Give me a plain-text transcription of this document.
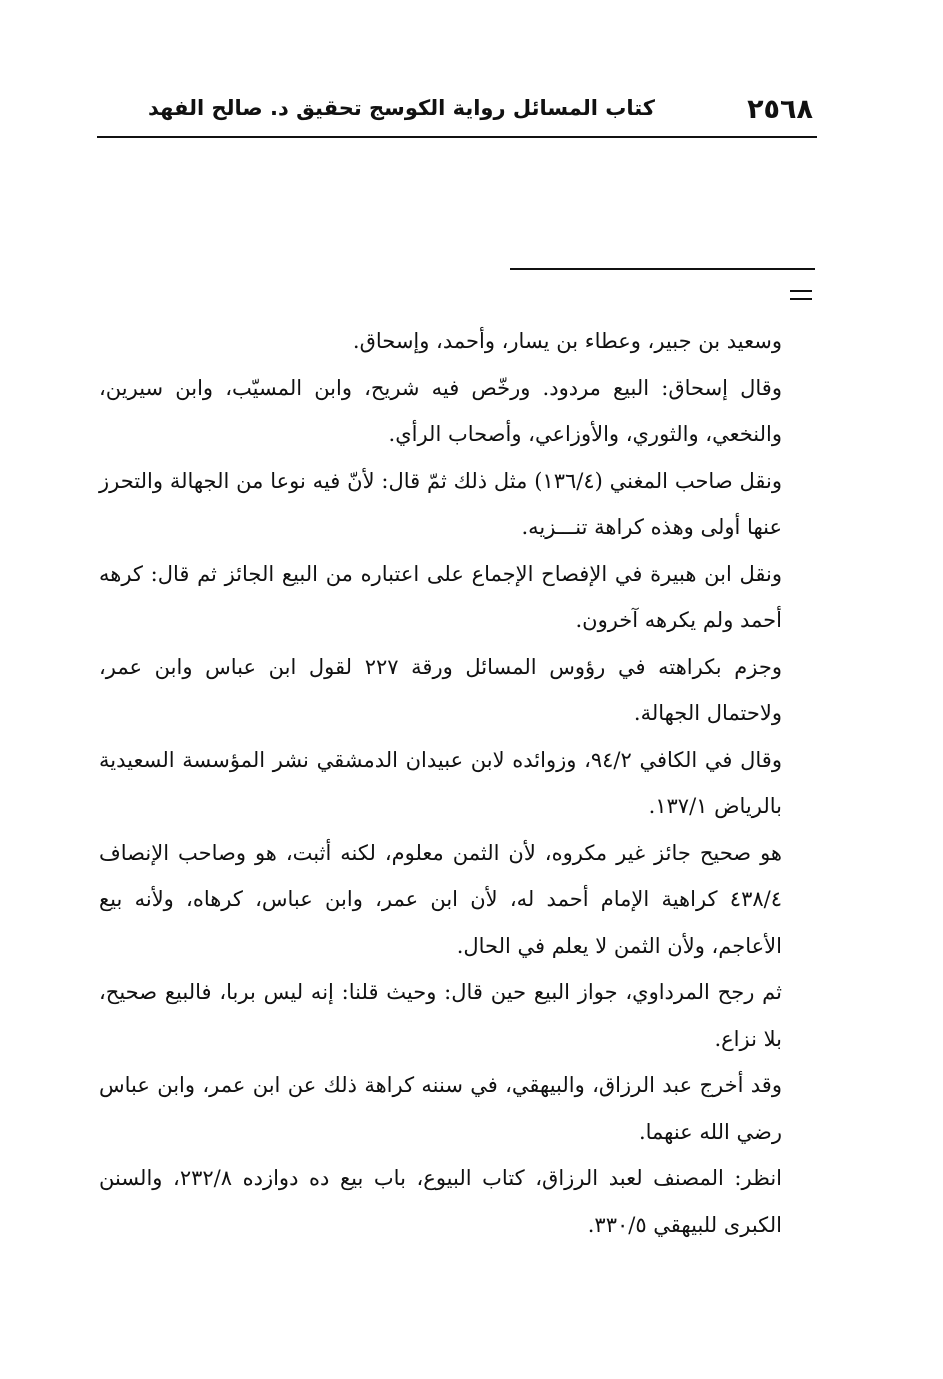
٢٥٦٨
كتاب المسائل رواية الكوسج تحقيق د. صالح الفهد

وسعيد بن جبير، وعطاء بن يسار، وأحمد، وإسحاق.

وقال إسحاق: البيع مردود. ورخّص فيه شريح، وابن المسيّب، وابن سيرين، والنخعي، والثوري، والأوزاعي، وأصحاب الرأي.

ونقل صاحب المغني (١٣٦/٤) مثل ذلك ثمّ قال: لأنّ فيه نوعا من الجهالة والتحرز عنها أولى وهذه كراهة تنـــزيه.

ونقل ابن هبيرة في الإفصاح الإجماع على اعتباره من البيع الجائز ثم قال: كرهه أحمد ولم يكرهه آخرون.

وجزم بكراهته في رؤوس المسائل ورقة ٢٢٧ لقول ابن عباس وابن عمر، ولاحتمال الجهالة.

وقال في الكافي ٩٤/٢، وزوائده لابن عبيدان الدمشقي نشر المؤسسة السعيدية بالرياض ١٣٧/١.

هو صحيح جائز غير مكروه، لأن الثمن معلوم، لكنه أثبت، هو وصاحب الإنصاف ٤٣٨/٤ كراهية الإمام أحمد له، لأن ابن عمر، وابن عباس، كرهاه، ولأنه بيع الأعاجم، ولأن الثمن لا يعلم في الحال.

ثم رجح المرداوي، جواز البيع حين قال: وحيث قلنا: إنه ليس بربا، فالبيع صحيح، بلا نزاع.

وقد أخرج عبد الرزاق، والبيهقي، في سننه كراهة ذلك عن ابن عمر، وابن عباس رضي الله عنهما.

انظر: المصنف لعبد الرزاق، كتاب البيوع، باب بيع ده دوازده ٢٣٢/٨، والسنن الكبرى للبيهقي ٣٣٠/٥.
